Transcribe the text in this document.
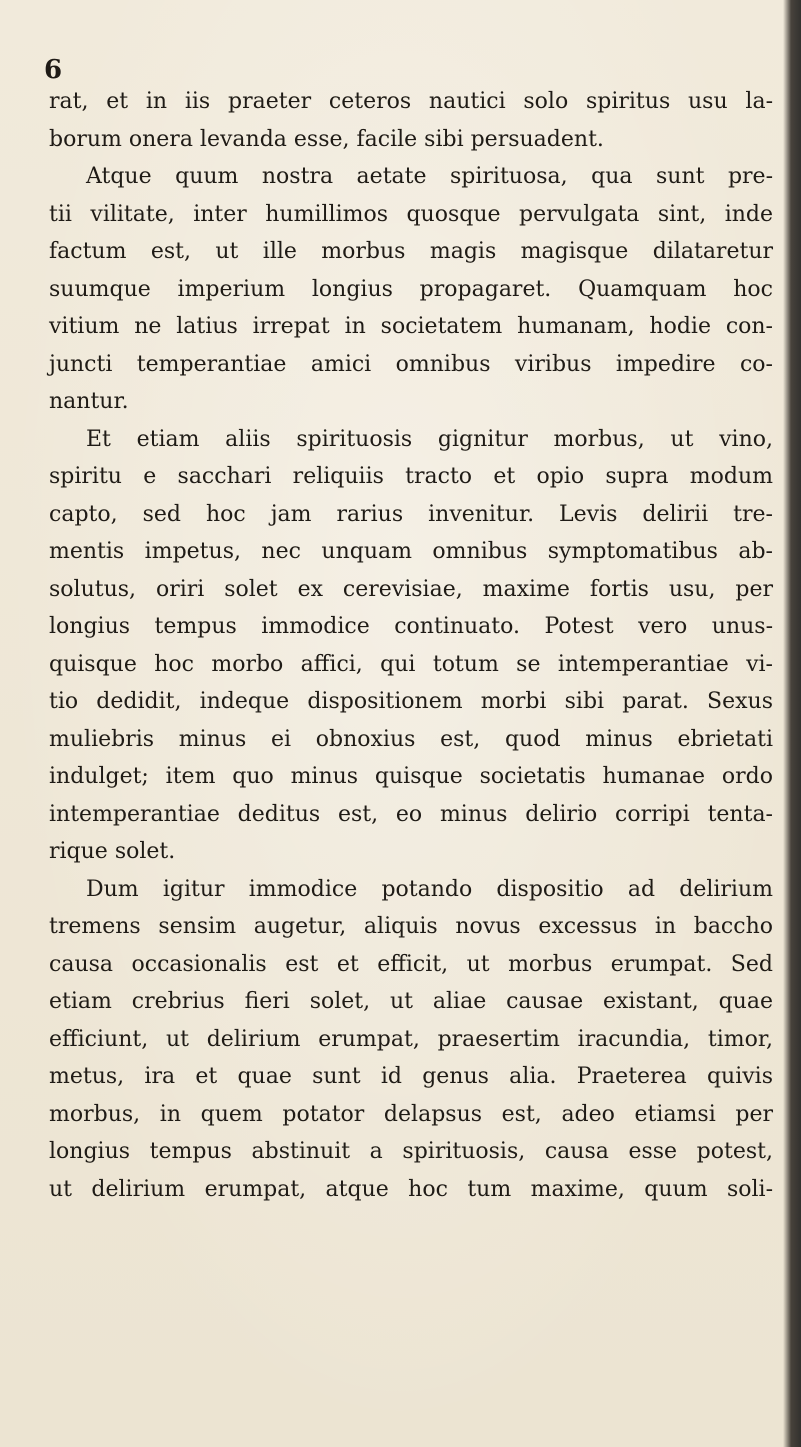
6
rat, et in iis praeter ceteros nautici solo spiritus usu la-
borum onera levanda esse, facile sibi persuadent.
Atque quum nostra aetate spirituosa, qua sunt pre-
tii vilitate, inter humillimos quosque pervulgata sint, inde
factum est, ut ille morbus magis magisque dilataretur
suumque imperium longius propagaret. Quamquam hoc
vitium ne latius irrepat in societatem humanam, hodie con-
juncti temperantiae amici omnibus viribus impedire co-
nantur.
Et etiam aliis spirituosis gignitur morbus, ut vino,
spiritu e sacchari reliquiis tracto et opio supra modum
capto, sed hoc jam rarius invenitur. Levis delirii tre-
mentis impetus, nec unquam omnibus symptomatibus ab-
solutus, oriri solet ex cerevisiae, maxime fortis usu, per
longius tempus immodice continuato. Potest vero unus-
quisque hoc morbo affici, qui totum se intemperantiae vi-
tio dedidit, indeque dispositionem morbi sibi parat. Sexus
muliebris minus ei obnoxius est, quod minus ebrietati
indulget; item quo minus quisque societatis humanae ordo
intemperantiae deditus est, eo minus delirio corripi tenta-
rique solet.
Dum igitur immodice potando dispositio ad delirium
tremens sensim augetur, aliquis novus excessus in baccho
causa occasionalis est et efficit, ut morbus erumpat. Sed
etiam crebrius fieri solet, ut aliae causae existant, quae
efficiunt, ut delirium erumpat, praesertim iracundia, timor,
metus, ira et quae sunt id genus alia. Praeterea quivis
morbus, in quem potator delapsus est, adeo etiamsi per
longius tempus abstinuit a spirituosis, causa esse potest,
ut delirium erumpat, atque hoc tum maxime, quum soli-
